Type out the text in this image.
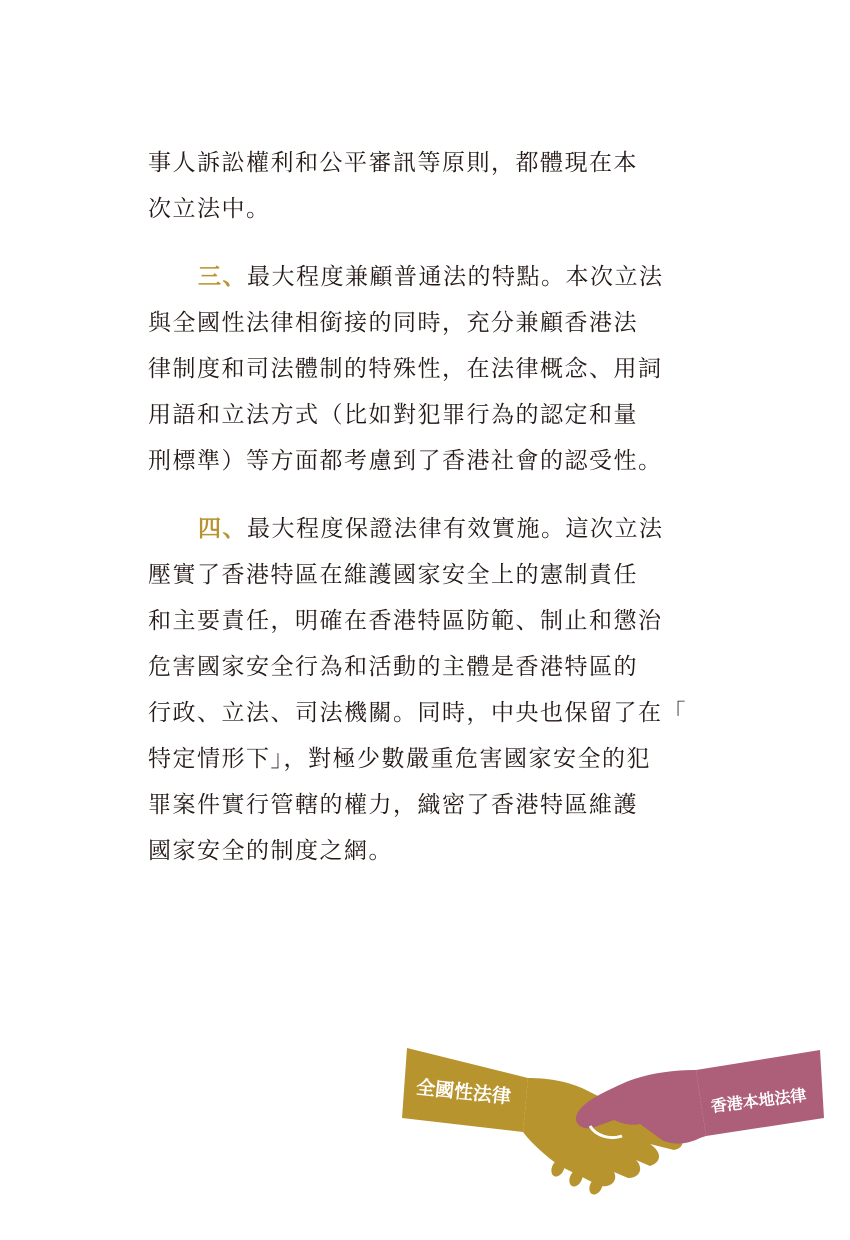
事人訴訟權利和公平審訊等原則，都體現在本
次立法中。
三、最大程度兼顧普通法的特點。本次立法
與全國性法律相銜接的同時，充分兼顧香港法
律制度和司法體制的特殊性，在法律概念、用詞
用語和立法方式（比如對犯罪行為的認定和量
刑標準）等方面都考慮到了香港社會的認受性。
四、最大程度保證法律有效實施。這次立法
壓實了香港特區在維護國家安全上的憲制責任
和主要責任，明確在香港特區防範、制止和懲治
危害國家安全行為和活動的主體是香港特區的
行政、立法、司法機關。同時，中央也保留了在「
特定情形下」，對極少數嚴重危害國家安全的犯
罪案件實行管轄的權力，織密了香港特區維護
國家安全的制度之網。
全國性法律	香港本地法律
